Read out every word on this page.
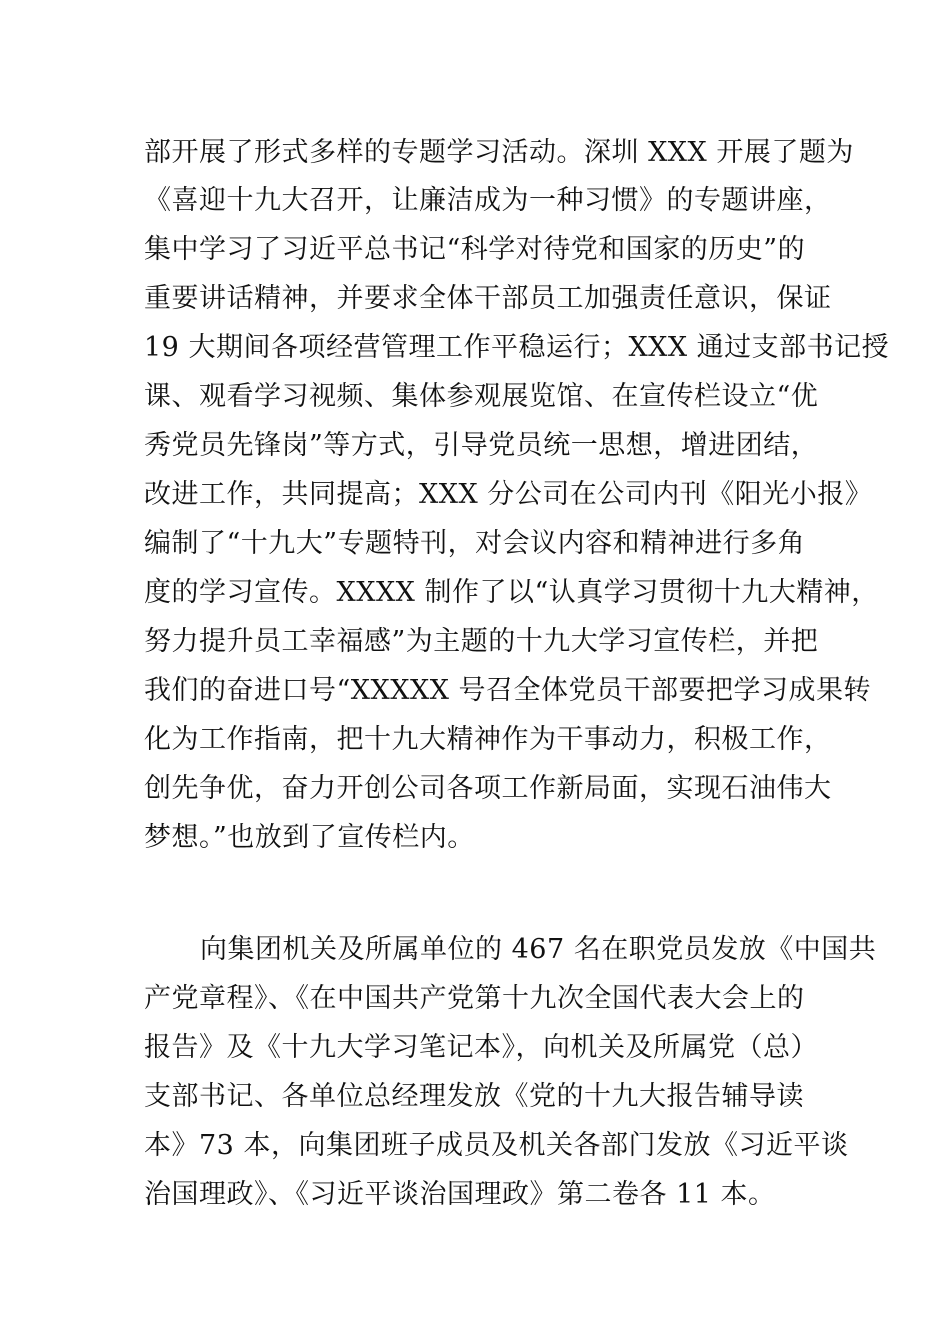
部开展了形式多样的专题学习活动。深圳 XXX 开展了题为
《喜迎十九大召开，让廉洁成为一种习惯》的专题讲座，
集中学习了习近平总书记“科学对待党和国家的历史”的
重要讲话精神，并要求全体干部员工加强责任意识，保证
19 大期间各项经营管理工作平稳运行；XXX 通过支部书记授
课、观看学习视频、集体参观展览馆、在宣传栏设立“优
秀党员先锋岗”等方式，引导党员统一思想，增进团结，
改进工作，共同提高；XXX 分公司在公司内刊《阳光小报》
编制了“十九大”专题特刊，对会议内容和精神进行多角
度的学习宣传。XXXX 制作了以“认真学习贯彻十九大精神，
努力提升员工幸福感”为主题的十九大学习宣传栏，并把
我们的奋进口号“XXXXX 号召全体党员干部要把学习成果转
化为工作指南，把十九大精神作为干事动力，积极工作，
创先争优，奋力开创公司各项工作新局面，实现石油伟大
梦想。”也放到了宣传栏内。
向集团机关及所属单位的 467 名在职党员发放《中国共
产党章程》、《在中国共产党第十九次全国代表大会上的
报告》及《十九大学习笔记本》，向机关及所属党（总）
支部书记、各单位总经理发放《党的十九大报告辅导读
本》73 本，向集团班子成员及机关各部门发放《习近平谈
治国理政》、《习近平谈治国理政》第二卷各 11 本。
